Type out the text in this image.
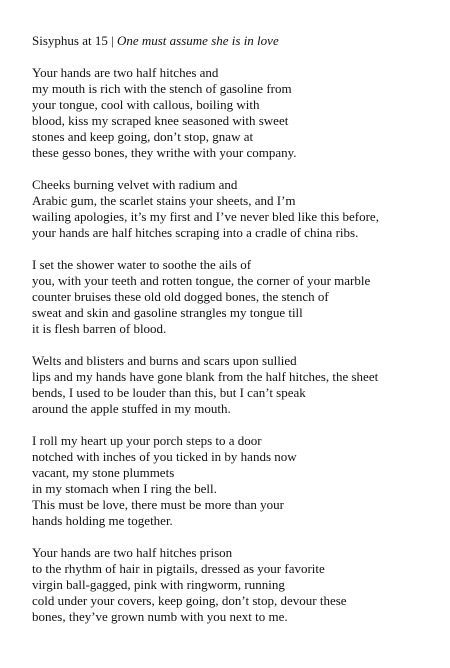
Sisyphus at 15 | One must assume she is in love
Your hands are two half hitches and
my mouth is rich with the stench of gasoline from
your tongue, cool with callous, boiling with
blood, kiss my scraped knee seasoned with sweet
stones and keep going, don’t stop, gnaw at
these gesso bones, they writhe with your company.
Cheeks burning velvet with radium and
Arabic gum, the scarlet stains your sheets, and I’m
wailing apologies, it’s my first and I’ve never bled like this before,
your hands are half hitches scraping into a cradle of china ribs.
I set the shower water to soothe the ails of
you, with your teeth and rotten tongue, the corner of your marble
counter bruises these old old dogged bones, the stench of
sweat and skin and gasoline strangles my tongue till
it is flesh barren of blood.
Welts and blisters and burns and scars upon sullied
lips and my hands have gone blank from the half hitches, the sheet
bends, I used to be louder than this, but I can’t speak
around the apple stuffed in my mouth.
I roll my heart up your porch steps to a door
notched with inches of you ticked in by hands now
vacant, my stone plummets
in my stomach when I ring the bell.
This must be love, there must be more than your
hands holding me together.
Your hands are two half hitches prison
to the rhythm of hair in pigtails, dressed as your favorite
virgin ball-gagged, pink with ringworm, running
cold under your covers, keep going, don’t stop, devour these
bones, they’ve grown numb with you next to me.
